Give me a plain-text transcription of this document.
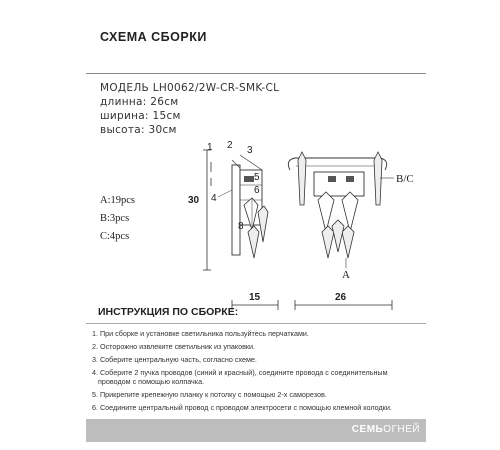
СХЕМА СБОРКИ
МОДЕЛЬ LH0062/2W-CR-SMK-CL
длинна: 26см
ширина: 15см
высота: 30см
A:19pcs
B:3pcs
C:4pcs
30
1 2 3
4
5
6
8
B/C
A
15	26
ИНСТРУКЦИЯ ПО СБОРКЕ:
1. При сборке и установке светильника пользуйтесь перчатками.
2. Осторожно извлеките светильник из упаковки.
3. Соберите центральную часть, согласно схеме.
4. Соберите 2 пучка проводов (синий и красный), соедините провода с соединительным
проводом с помощью колпачка.
5. Прикрепите крепежную планку к потолку с помощью 2-х саморезов.
6. Соедините центральный провод с проводом электросети с помощью клемной колодки.
СЕМЬОГНЕЙ
